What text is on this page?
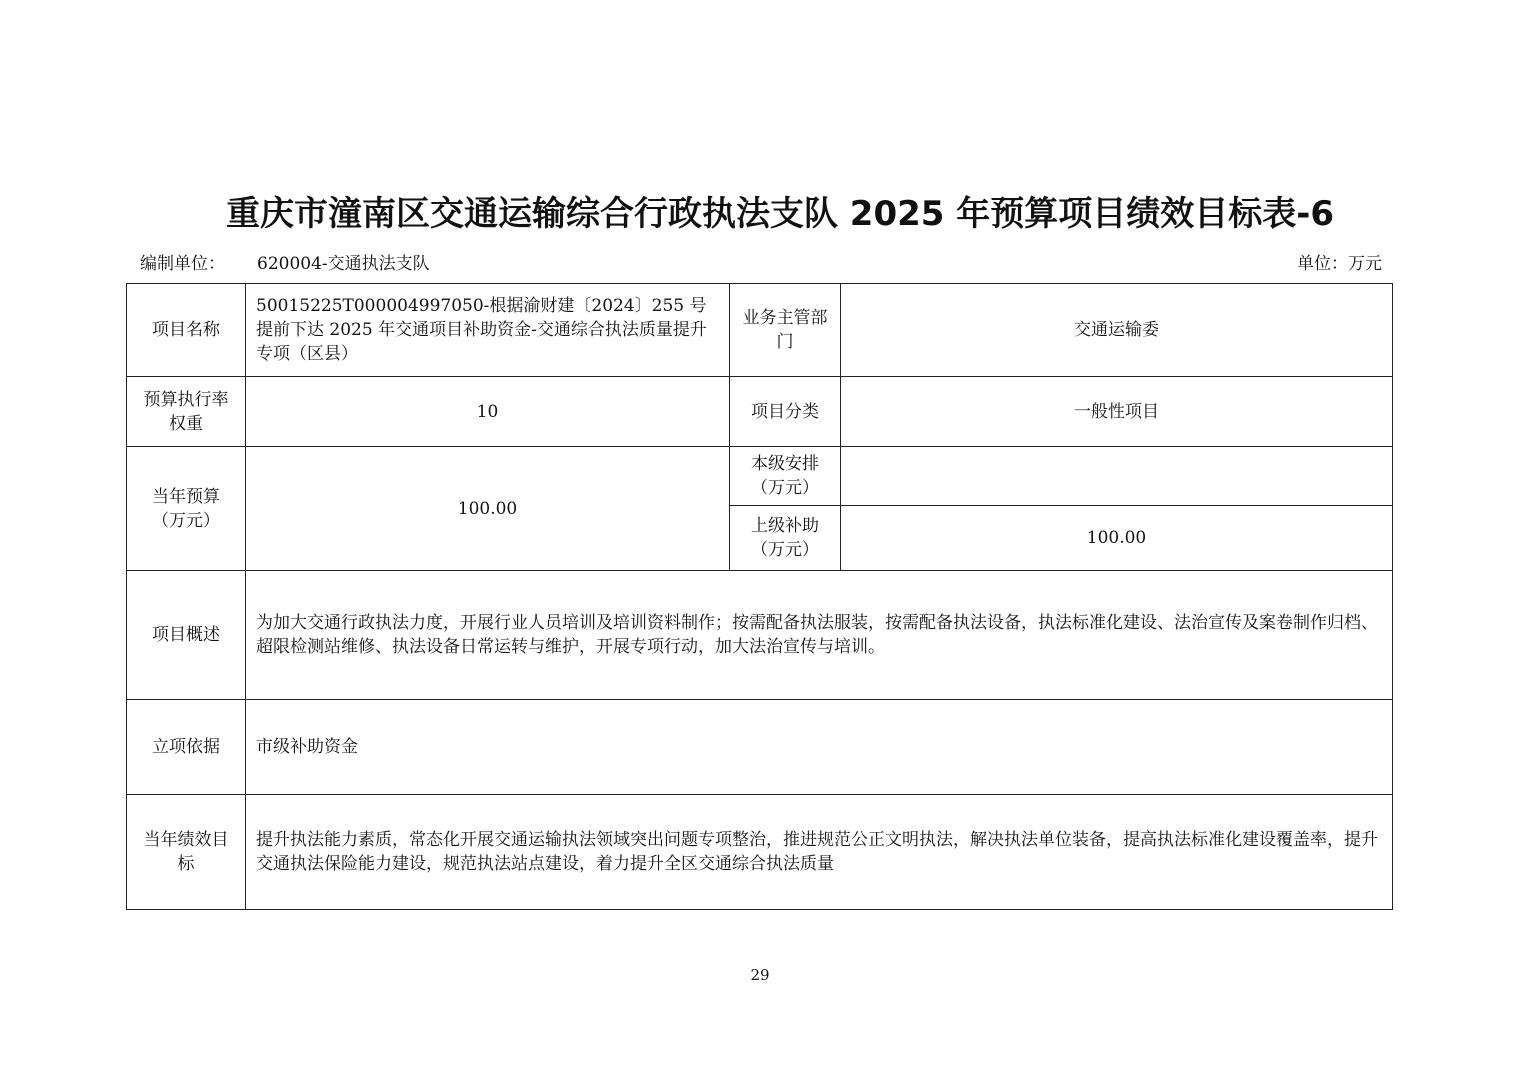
重庆市潼南区交通运输综合行政执法支队 2025 年预算项目绩效目标表-6
编制单位： 620004-交通执法支队	单位：万元
项目名称	50015225T000004997050-根据渝财建〔2024〕255 号提前下达 2025 年交通项目补助资金-交通综合执法质量提升专项（区县）	业务主管部门	交通运输委
预算执行率权重	10	项目分类	一般性项目
当年预算（万元）	100.00	本级安排（万元）	
		上级补助（万元）	100.00
项目概述	为加大交通行政执法力度，开展行业人员培训及培训资料制作；按需配备执法服装，按需配备执法设备，执法标准化建设、法治宣传及案卷制作归档、超限检测站维修、执法设备日常运转与维护，开展专项行动，加大法治宣传与培训。		
立项依据	市级补助资金		
当年绩效目标	提升执法能力素质，常态化开展交通运输执法领域突出问题专项整治，推进规范公正文明执法，解决执法单位装备，提高执法标准化建设覆盖率，提升交通执法保险能力建设，规范执法站点建设，着力提升全区交通综合执法质量		
29
